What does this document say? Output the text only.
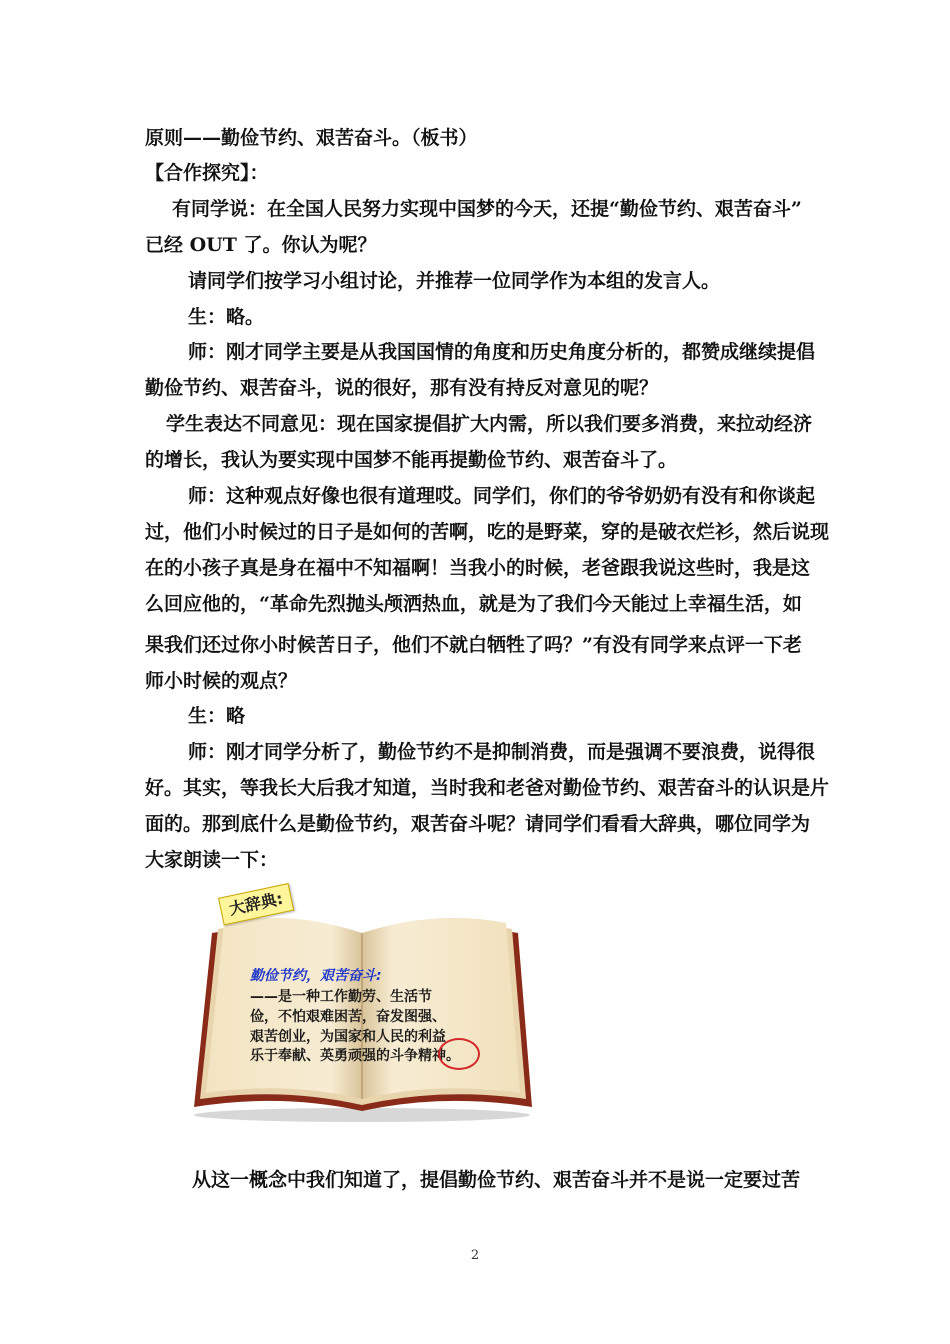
原则——勤俭节约、艰苦奋斗。（板书）
【合作探究】：
有同学说：在全国人民努力实现中国梦的今天，还提“勤俭节约、艰苦奋斗”
已经 OUT 了。你认为呢？
请同学们按学习小组讨论，并推荐一位同学作为本组的发言人。
生：略。
师：刚才同学主要是从我国国情的角度和历史角度分析的，都赞成继续提倡
勤俭节约、艰苦奋斗，说的很好，那有没有持反对意见的呢？
学生表达不同意见：现在国家提倡扩大内需，所以我们要多消费，来拉动经济
的增长，我认为要实现中国梦不能再提勤俭节约、艰苦奋斗了。
师：这种观点好像也很有道理哎。同学们，你们的爷爷奶奶有没有和你谈起
过，他们小时候过的日子是如何的苦啊，吃的是野菜，穿的是破衣烂衫，然后说现
在的小孩子真是身在福中不知福啊！当我小的时候，老爸跟我说这些时，我是这
么回应他的，“革命先烈抛头颅洒热血，就是为了我们今天能过上幸福生活，如
果我们还过你小时候苦日子，他们不就白牺牲了吗？”有没有同学来点评一下老
师小时候的观点？
生：略
师：刚才同学分析了，勤俭节约不是抑制消费，而是强调不要浪费，说得很
好。其实，等我长大后我才知道，当时我和老爸对勤俭节约、艰苦奋斗的认识是片
面的。那到底什么是勤俭节约，艰苦奋斗呢？请同学们看看大辞典，哪位同学为
大家朗读一下：
大辞典:
勤俭节约，艰苦奋斗:
——是一种工作勤劳、生活节
俭，不怕艰难困苦，奋发图强、
艰苦创业，为国家和人民的利益
乐于奉献、英勇顽强的斗争精神。
从这一概念中我们知道了，提倡勤俭节约、艰苦奋斗并不是说一定要过苦
2
